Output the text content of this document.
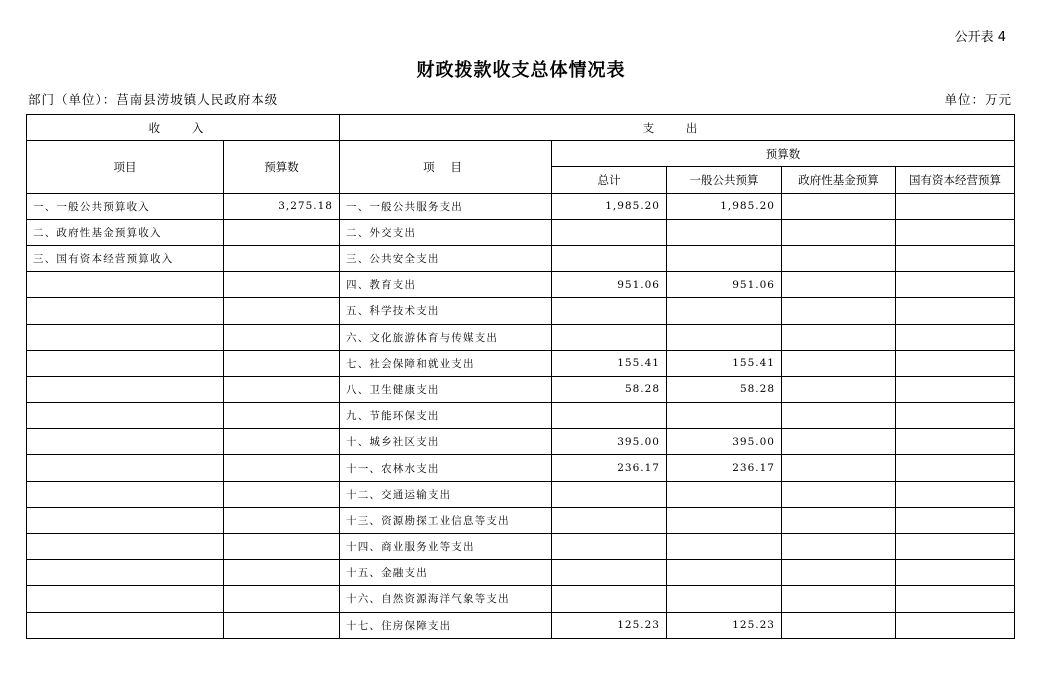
公开表 4
财政拨款收支总体情况表
部门（单位）：莒南县涝坡镇人民政府本级	单位：万元
收 入		支 出				
项目	预算数	项 目	预算数			
			总计	一般公共预算	政府性基金预算	国有资本经营预算
一、一般公共预算收入	3,275.18	一、一般公共服务支出	1,985.20	1,985.20		
二、政府性基金预算收入		二、外交支出				
三、国有资本经营预算收入		三、公共安全支出				
		四、教育支出	951.06	951.06		
		五、科学技术支出				
		六、文化旅游体育与传媒支出				
		七、社会保障和就业支出	155.41	155.41		
		八、卫生健康支出	58.28	58.28		
		九、节能环保支出				
		十、城乡社区支出	395.00	395.00		
		十一、农林水支出	236.17	236.17		
		十二、交通运输支出				
		十三、资源勘探工业信息等支出				
		十四、商业服务业等支出				
		十五、金融支出				
		十六、自然资源海洋气象等支出				
		十七、住房保障支出	125.23	125.23		
